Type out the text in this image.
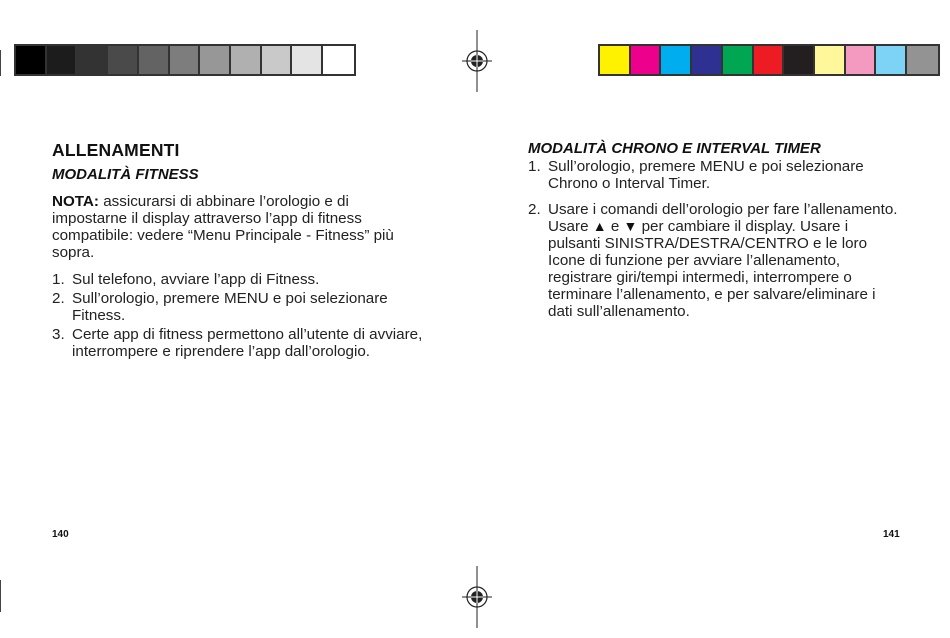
ALLENAMENTI
MODALITÀ FITNESS

NOTA: assicurarsi di abbinare l’orologio e di impostarne il display attraverso l’app di fitness compatibile: vedere “Menu Principale - Fitness” più sopra.

1. Sul telefono, avviare l’app di Fitness.
2. Sull’orologio, premere MENU e poi selezionare Fitness.
3. Certe app di fitness permettono all’utente di avviare, interrompere e riprendere l’app dall’orologio.
MODALITÀ CHRONO E INTERVAL TIMER
1. Sull’orologio, premere MENU e poi selezionare Chrono o Interval Timer.
2. Usare i comandi dell’orologio per fare l’allenamento. Usare ▲ e ▼ per cambiare il display. Usare i pulsanti SINISTRA/DESTRA/CENTRO e le loro Icone di funzione per avviare l’allenamento, registrare giri/tempi intermedi, interrompere o terminare l’allenamento, e per salvare/eliminare i dati sull’allenamento.
140	141
